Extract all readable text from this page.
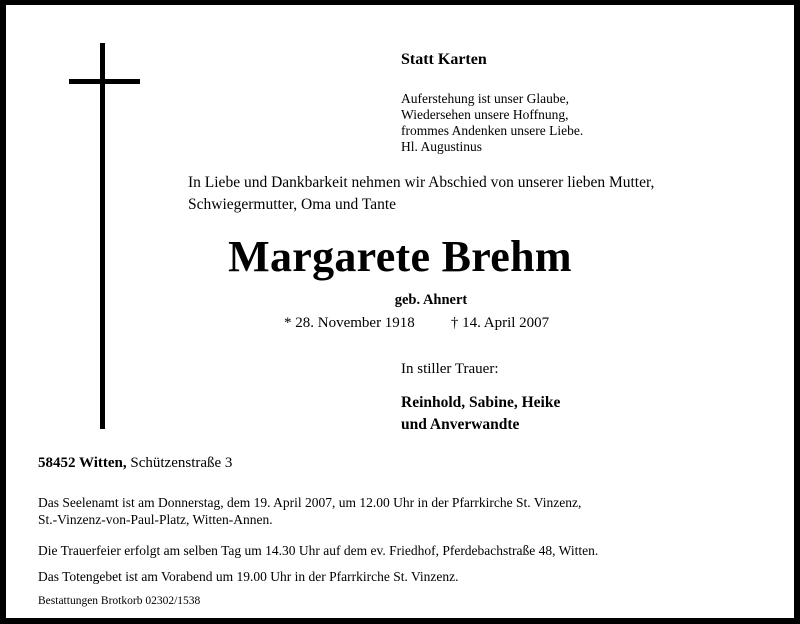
Statt Karten
Auferstehung ist unser Glaube,
Wiedersehen unsere Hoffnung,
frommes Andenken unsere Liebe.
Hl. Augustinus
In Liebe und Dankbarkeit nehmen wir Abschied von unserer lieben Mutter,
Schwiegermutter, Oma und Tante
Margarete Brehm
geb. Ahnert
* 28. November 1918 † 14. April 2007
In stiller Trauer:
Reinhold, Sabine, Heike
und Anverwandte
58452 Witten, Schützenstraße 3
Das Seelenamt ist am Donnerstag, dem 19. April 2007, um 12.00 Uhr in der Pfarrkirche St. Vinzenz,
St.-Vinzenz-von-Paul-Platz, Witten-Annen.
Die Trauerfeier erfolgt am selben Tag um 14.30 Uhr auf dem ev. Friedhof, Pferdebachstraße 48, Witten.
Das Totengebet ist am Vorabend um 19.00 Uhr in der Pfarrkirche St. Vinzenz.
Bestattungen Brotkorb 02302/1538
